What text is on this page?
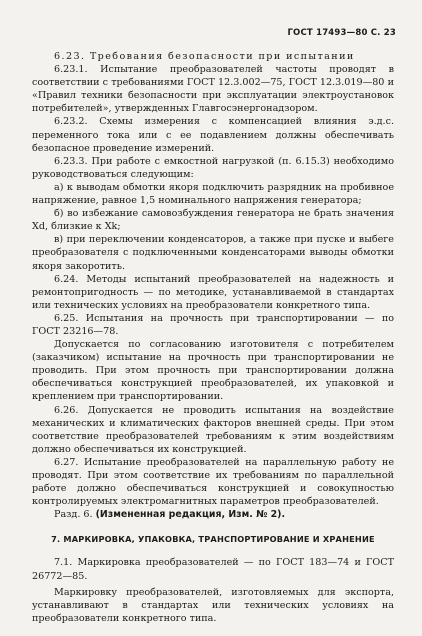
ГОСТ 17493—80 С. 23

6.23. Требования безопасности при испытании

6.23.1. Испытание преобразователей частоты проводят в соответствии с требованиями ГОСТ 12.3.002—75, ГОСТ 12.3.019—80 и «Правил техники безопасности при эксплуатации электроустановок потребителей», утвержденных Главгосэнергонадзором.

6.23.2. Схемы измерения с компенсацией влияния э.д.с. переменного тока или с ее подавлением должны обеспечивать безопасное проведение измерений.

6.23.3. При работе с емкостной нагрузкой (п. 6.15.3) необходимо руководствоваться следующим:

а) к выводам обмотки якоря подключить разрядник на пробивное напряжение, равное 1,5 номинального напряжения генератора;

б) во избежание самовозбуждения генератора не брать значения Xd, близкие к Xk;

в) при переключении конденсаторов, а также при пуске и выбеге преобразователя с подключенными конденсаторами выводы обмотки якоря закоротить.

6.24. Методы испытаний преобразователей на надежность и ремонтопригодность — по методике, устанавливаемой в стандартах или технических условиях на преобразователи конкретного типа.

6.25. Испытания на прочность при транспортировании — по ГОСТ 23216—78.

Допускается по согласованию изготовителя с потребителем (заказчиком) испытание на прочность при транспортировании не проводить. При этом прочность при транспортировании должна обеспечиваться конструкцией преобразователей, их упаковкой и креплением при транспортировании.

6.26. Допускается не проводить испытания на воздействие механических и климатических факторов внешней среды. При этом соответствие преобразователей требованиям к этим воздействиям должно обеспечиваться их конструкцией.

6.27. Испытание преобразователей на параллельную работу не проводят. При этом соответствие их требованиям по параллельной работе должно обеспечиваться конструкцией и совокупностью контролируемых электромагнитных параметров преобразователей.

Разд. 6. (Измененная редакция, Изм. № 2).

7. МАРКИРОВКА, УПАКОВКА, ТРАНСПОРТИРОВАНИЕ И ХРАНЕНИЕ

7.1. Маркировка преобразователей — по ГОСТ 183—74 и ГОСТ 26772—85.

Маркировку преобразователей, изготовляемых для экспорта, устанавливают в стандартах или технических условиях на преобразователи конкретного типа.
